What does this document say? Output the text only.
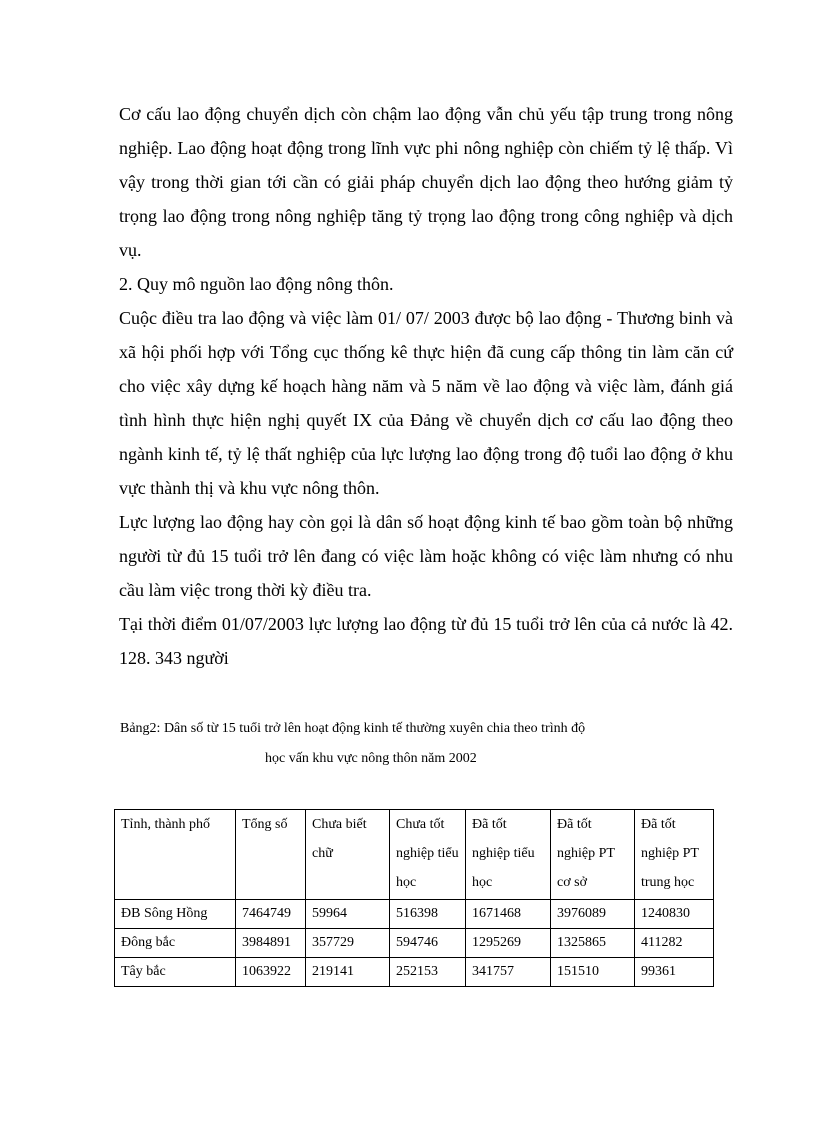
Cơ cấu lao động chuyển dịch còn chậm lao động vẫn chủ yếu tập trung trong nông nghiệp. Lao động hoạt động trong lĩnh vực phi nông nghiệp còn chiếm tỷ lệ thấp. Vì vậy trong thời gian tới cần có giải pháp chuyển dịch lao động theo hướng giảm tỷ trọng lao động trong nông nghiệp tăng tỷ trọng lao động trong công nghiệp và dịch vụ.

2. Quy mô nguồn lao động nông thôn.

Cuộc điều tra lao động và việc làm 01/ 07/ 2003 được bộ lao động - Thương binh và xã hội phối hợp với Tổng cục thống kê thực hiện đã cung cấp thông tin làm căn cứ cho việc xây dựng kế hoạch hàng năm và 5 năm về lao động và việc làm, đánh giá tình hình thực hiện nghị quyết IX của Đảng về chuyển dịch cơ cấu lao động theo ngành kinh tế, tỷ lệ thất nghiệp của lực lượng lao động trong độ tuổi lao động ở khu vực thành thị và khu vực nông thôn.

Lực lượng lao động hay còn gọi là dân số hoạt động kinh tế bao gồm toàn bộ những người từ đủ 15 tuổi trở lên đang có việc làm hoặc không có việc làm nhưng có nhu cầu làm việc trong thời kỳ điều tra.

Tại thời điểm 01/07/2003 lực lượng lao động từ đủ 15 tuổi trở lên của cả nước là 42. 128. 343 người

Bảng2: Dân số từ 15 tuổi trở lên hoạt động kinh tế thường xuyên chia theo trình độ
học vấn khu vực nông thôn năm 2002
Tỉnh, thành phố	Tổng số	Chưa biết chữ	Chưa tốt nghiệp tiểu học	Đã tốt nghiệp tiểu học	Đã tốt nghiệp PT cơ sở	Đã tốt nghiệp PT trung học
ĐB Sông Hồng	7464749	59964	516398	1671468	3976089	1240830
Đông bắc	3984891	357729	594746	1295269	1325865	411282
Tây bắc	1063922	219141	252153	341757	151510	99361
